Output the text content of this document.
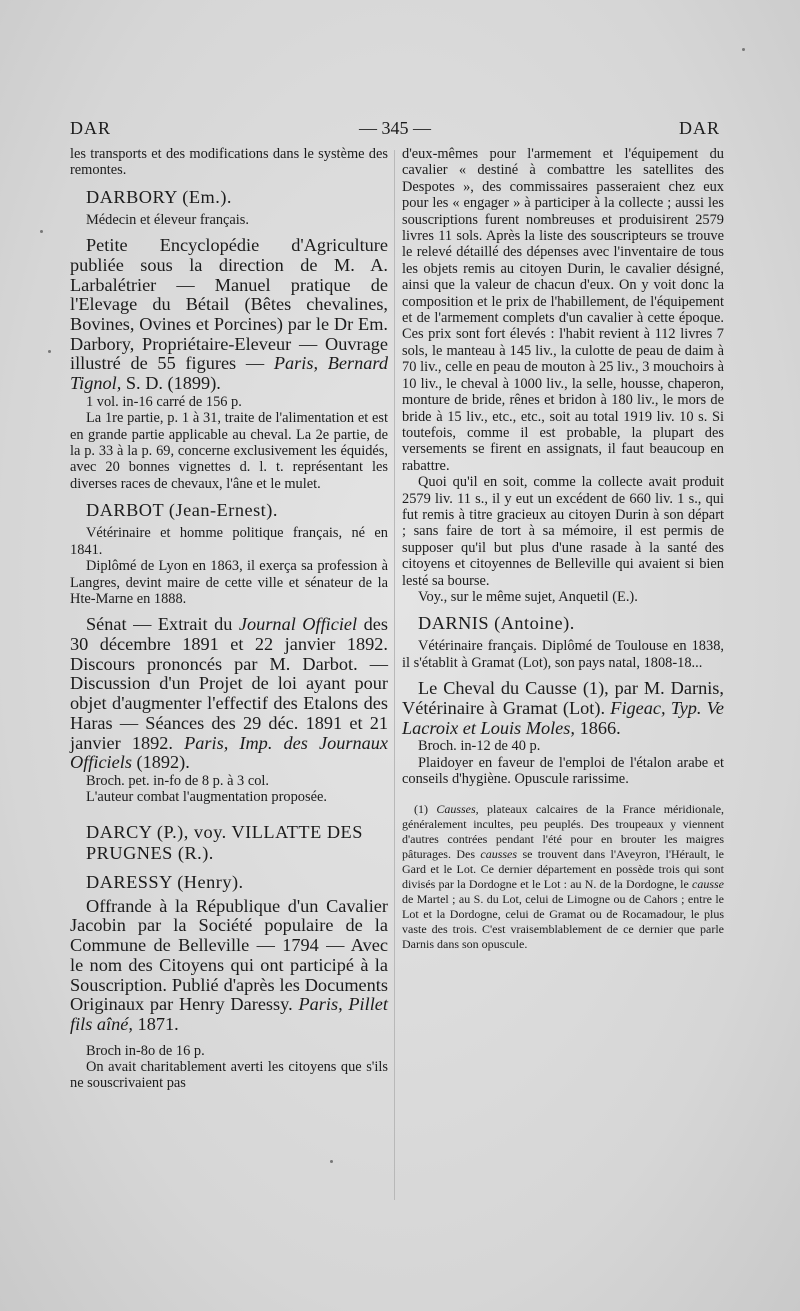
DAR	— 345 —	DAR

les transports et des modifications dans le système des remontes.

DARBORY (Em.).

Médecin et éleveur français.

Petite Encyclopédie d'Agriculture publiée sous la direction de M. A. Larbalétrier — Manuel pratique de l'Elevage du Bétail (Bêtes chevalines, Bovines, Ovines et Porcines) par le Dr Em. Darbory, Propriétaire-Eleveur — Ouvrage illustré de 55 figures — Paris, Bernard Tignol, S. D. (1899).

1 vol. in-16 carré de 156 p.

La 1re partie, p. 1 à 31, traite de l'alimentation et est en grande partie applicable au cheval. La 2e partie, de la p. 33 à la p. 69, concerne exclusivement les équidés, avec 20 bonnes vignettes d. l. t. représentant les diverses races de chevaux, l'âne et le mulet.

DARBOT (Jean-Ernest).

Vétérinaire et homme politique français, né en 1841.

Diplômé de Lyon en 1863, il exerça sa profession à Langres, devint maire de cette ville et sénateur de la Hte-Marne en 1888.

Sénat — Extrait du Journal Officiel des 30 décembre 1891 et 22 janvier 1892. Discours prononcés par M. Darbot. — Discussion d'un Projet de loi ayant pour objet d'augmenter l'effectif des Etalons des Haras — Séances des 29 déc. 1891 et 21 janvier 1892. Paris, Imp. des Journaux Officiels (1892).

Broch. pet. in-fo de 8 p. à 3 col.

L'auteur combat l'augmentation proposée.

DARCY (P.), voy. VILLATTE DES PRUGNES (R.).

DARESSY (Henry).

Offrande à la République d'un Cavalier Jacobin par la Société populaire de la Commune de Belleville — 1794 — Avec le nom des Citoyens qui ont participé à la Souscription. Publié d'après les Documents Originaux par Henry Daressy. Paris, Pillet fils aîné, 1871.

Broch in-8o de 16 p.

On avait charitablement averti les citoyens que s'ils ne souscrivaient pas

d'eux-mêmes pour l'armement et l'équipement du cavalier « destiné à combattre les satellites des Despotes », des commissaires passeraient chez eux pour les « engager » à participer à la collecte ; aussi les souscriptions furent nombreuses et produisirent 2579 livres 11 sols. Après la liste des souscripteurs se trouve le relevé détaillé des dépenses avec l'inventaire de tous les objets remis au citoyen Durin, le cavalier désigné, ainsi que la valeur de chacun d'eux. On y voit donc la composition et le prix de l'habillement, de l'équipement et de l'armement complets d'un cavalier à cette époque. Ces prix sont fort élevés : l'habit revient à 112 livres 7 sols, le manteau à 145 liv., la culotte de peau de daim à 70 liv., celle en peau de mouton à 25 liv., 3 mouchoirs à 10 liv., le cheval à 1000 liv., la selle, housse, chaperon, monture de bride, rênes et bridon à 180 liv., le mors de bride à 15 liv., etc., etc., soit au total 1919 liv. 10 s. Si toutefois, comme il est probable, la plupart des versements se firent en assignats, il faut beaucoup en rabattre.

Quoi qu'il en soit, comme la collecte avait produit 2579 liv. 11 s., il y eut un excédent de 660 liv. 1 s., qui fut remis à titre gracieux au citoyen Durin à son départ ; sans faire de tort à sa mémoire, il est permis de supposer qu'il but plus d'une rasade à la santé des citoyens et citoyennes de Belleville qui avaient si bien lesté sa bourse.

Voy., sur le même sujet, Anquetil (E.).

DARNIS (Antoine).

Vétérinaire français. Diplômé de Toulouse en 1838, il s'établit à Gramat (Lot), son pays natal, 1808-18...

Le Cheval du Causse (1), par M. Darnis, Vétérinaire à Gramat (Lot). Figeac, Typ. Ve Lacroix et Louis Moles, 1866.

Broch. in-12 de 40 p.

Plaidoyer en faveur de l'emploi de l'étalon arabe et conseils d'hygiène. Opuscule rarissime.

(1) Causses, plateaux calcaires de la France méridionale, généralement incultes, peu peuplés. Des troupeaux y viennent d'autres contrées pendant l'été pour en brouter les maigres pâturages. Des causses se trouvent dans l'Aveyron, l'Hérault, le Gard et le Lot. Ce dernier département en possède trois qui sont divisés par la Dordogne et le Lot : au N. de la Dordogne, le causse de Martel ; au S. du Lot, celui de Limogne ou de Cahors ; entre le Lot et la Dordogne, celui de Gramat ou de Rocamadour, le plus vaste des trois. C'est vraisemblablement de ce dernier que parle Darnis dans son opuscule.
